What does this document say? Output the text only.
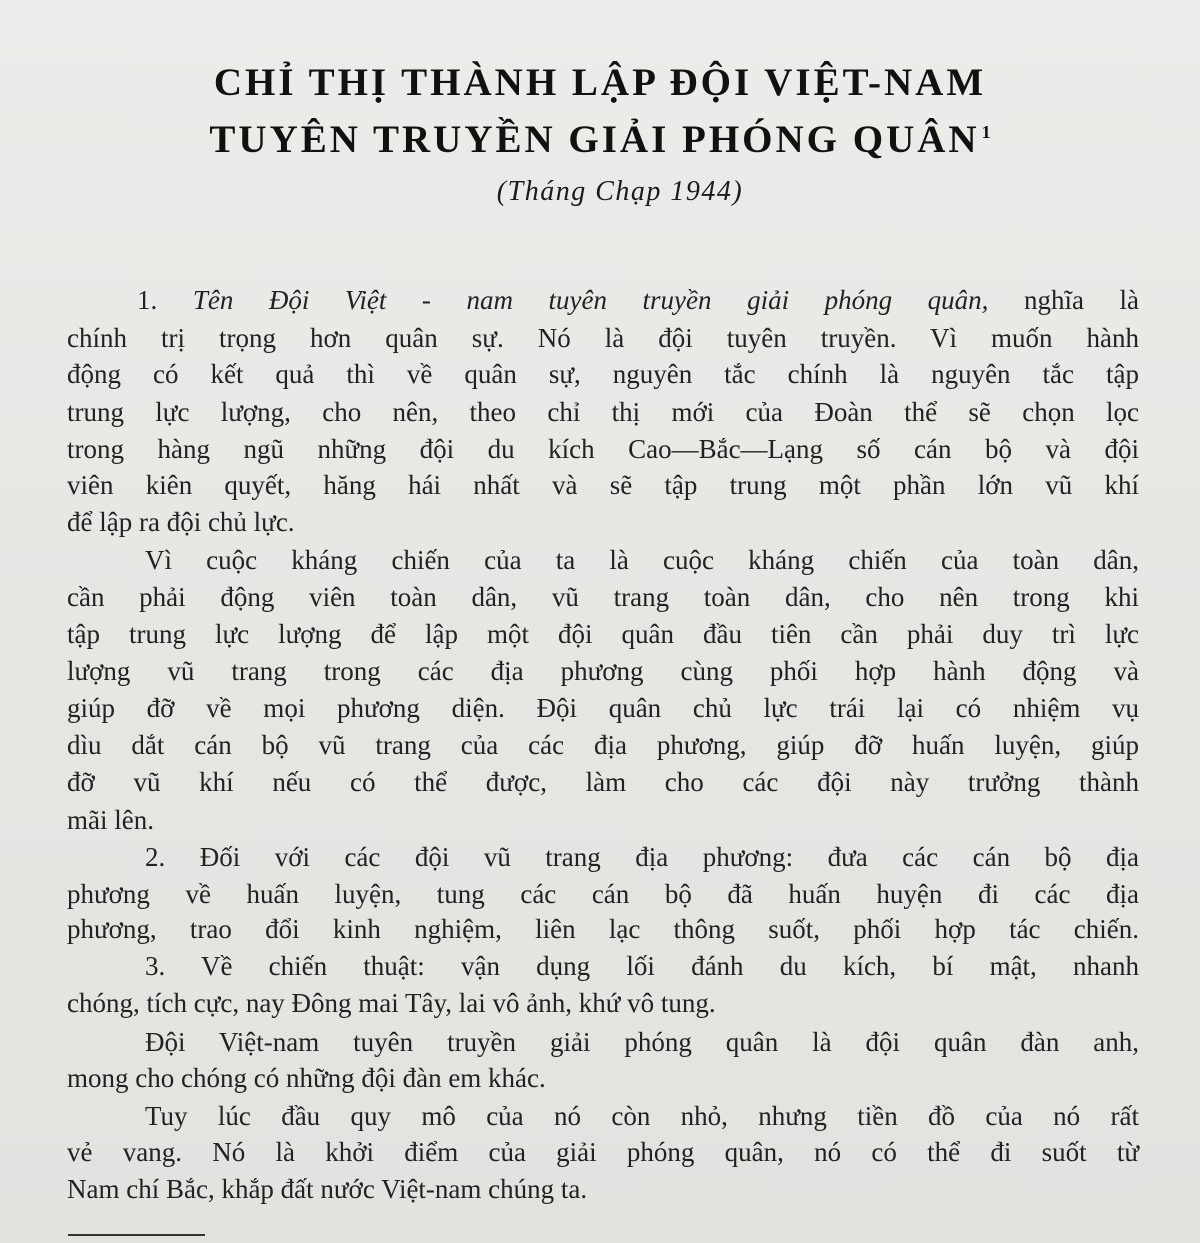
CHỈ THỊ THÀNH LẬP ĐỘI VIỆT-NAM
TUYÊN TRUYỀN GIẢI PHÓNG QUÂN $^1$
(Tháng Chạp 1944)
1. Tên Đội Việt - nam tuyên truyền giải phóng quân, nghĩa là
chính trị trọng hơn quân sự. Nó là đội tuyên truyền. Vì muốn hành
động có kết quả thì về quân sự, nguyên tắc chính là nguyên tắc tập
trung lực lượng, cho nên, theo chỉ thị mới của Đoàn thể sẽ chọn lọc
trong hàng ngũ những đội du kích Cao—Bắc—Lạng số cán bộ và đội
viên kiên quyết, hăng hái nhất và sẽ tập trung một phần lớn vũ khí
để lập ra đội chủ lực.
Vì cuộc kháng chiến của ta là cuộc kháng chiến của toàn dân,
cần phải động viên toàn dân, vũ trang toàn dân, cho nên trong khi
tập trung lực lượng để lập một đội quân đầu tiên cần phải duy trì lực
lượng vũ trang trong các địa phương cùng phối hợp hành động và
giúp đỡ về mọi phương diện. Đội quân chủ lực trái lại có nhiệm vụ
dìu dắt cán bộ vũ trang của các địa phương, giúp đỡ huấn luyện, giúp
đỡ vũ khí nếu có thể được, làm cho các đội này trưởng thành
mãi lên.
2. Đối với các đội vũ trang địa phương: đưa các cán bộ địa
phương về huấn luyện, tung các cán bộ đã huấn huyện đi các địa
phương, trao đổi kinh nghiệm, liên lạc thông suốt, phối hợp tác chiến.
3. Về chiến thuật: vận dụng lối đánh du kích, bí mật, nhanh
chóng, tích cực, nay Đông mai Tây, lai vô ảnh, khứ vô tung.
Đội Việt-nam tuyên truyền giải phóng quân là đội quân đàn anh,
mong cho chóng có những đội đàn em khác.
Tuy lúc đầu quy mô của nó còn nhỏ, nhưng tiền đồ của nó rất
vẻ vang. Nó là khởi điểm của giải phóng quân, nó có thể đi suốt từ
Nam chí Bắc, khắp đất nước Việt-nam chúng ta.
